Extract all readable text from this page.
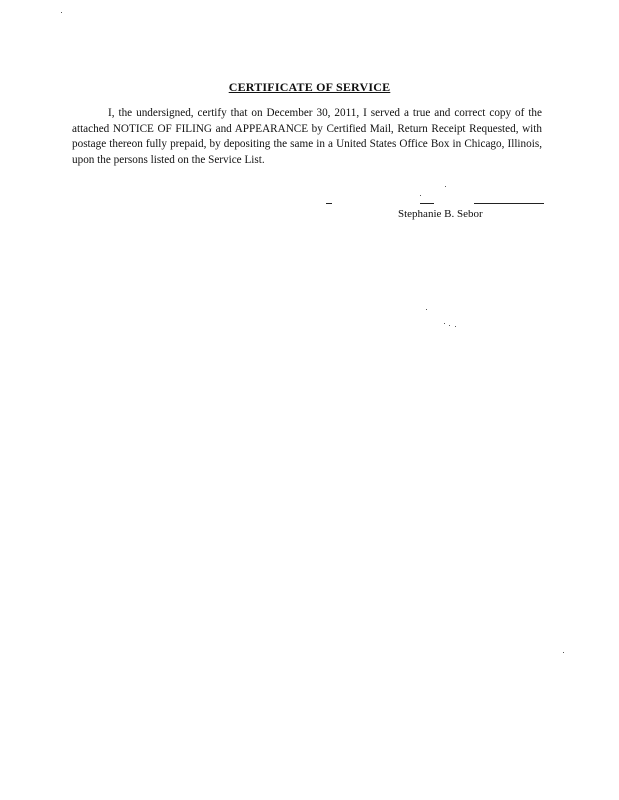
CERTIFICATE OF SERVICE

I, the undersigned, certify that on December 30, 2011, I served a true and correct copy of the attached NOTICE OF FILING and APPEARANCE by Certified Mail, Return Receipt Requested, with postage thereon fully prepaid, by depositing the same in a United States Office Box in Chicago, Illinois, upon the persons listed on the Service List.

Stephanie B. Sebor
